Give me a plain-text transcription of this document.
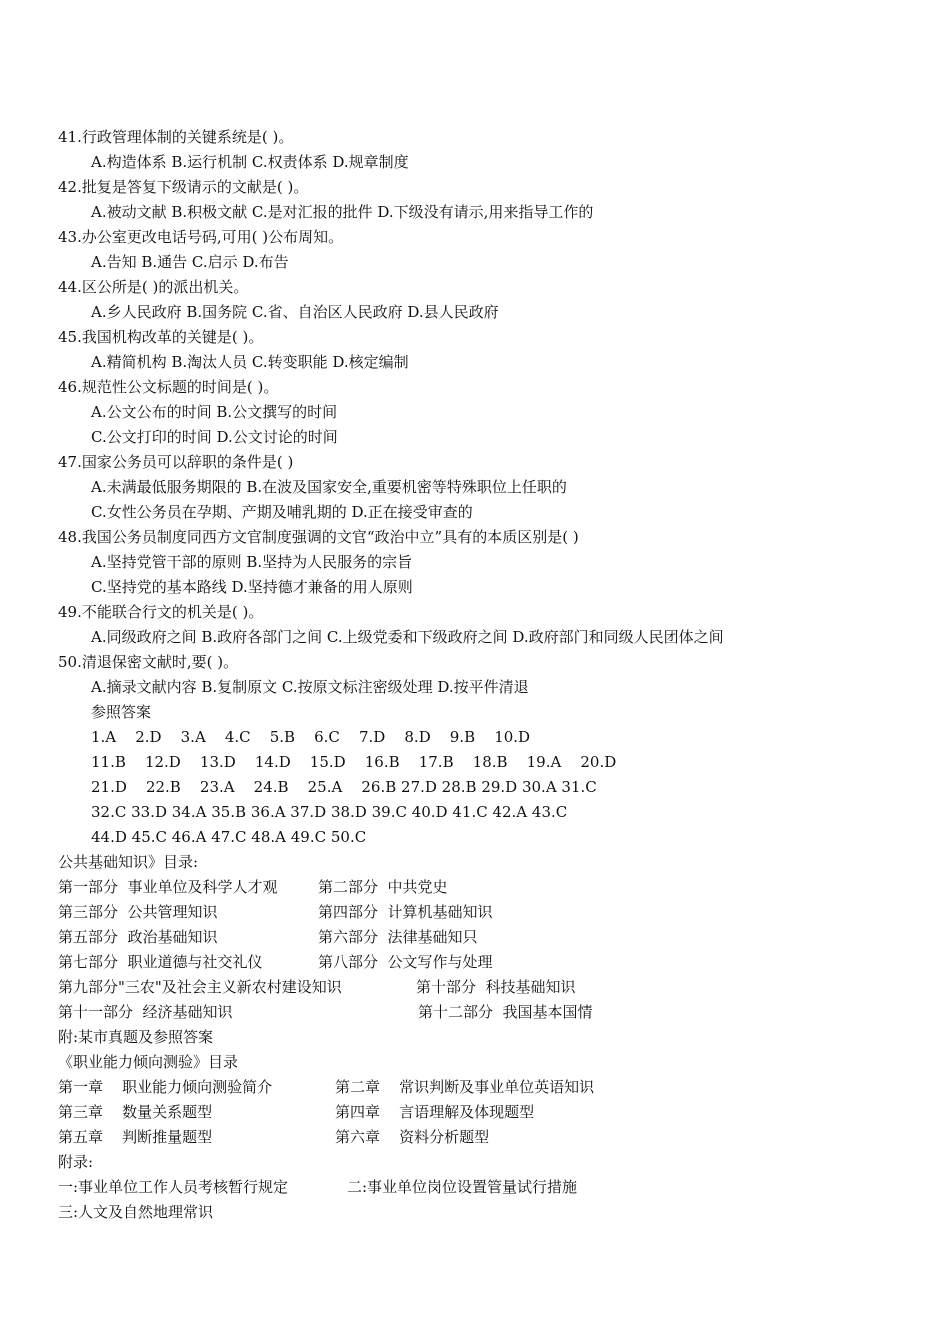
41.行政管理体制的关键系统是( )。
A.构造体系 B.运行机制 C.权责体系 D.规章制度
42.批复是答复下级请示的文献是( )。
A.被动文献 B.积极文献 C.是对汇报的批件 D.下级没有请示,用来指导工作的
43.办公室更改电话号码,可用( )公布周知。
A.告知 B.通告 C.启示 D.布告
44.区公所是( )的派出机关。
A.乡人民政府 B.国务院 C.省、自治区人民政府 D.县人民政府
45.我国机构改革的关键是( )。
A.精简机构 B.淘汰人员 C.转变职能 D.核定编制
46.规范性公文标题的时间是( )。
A.公文公布的时间 B.公文撰写的时间
C.公文打印的时间 D.公文讨论的时间
47.国家公务员可以辞职的条件是( )
A.未满最低服务期限的 B.在波及国家安全,重要机密等特殊职位上任职的
C.女性公务员在孕期、产期及哺乳期的 D.正在接受审查的
48.我国公务员制度同西方文官制度强调的文官“政治中立”具有的本质区别是( )
A.坚持党管干部的原则 B.坚持为人民服务的宗旨
C.坚持党的基本路线 D.坚持德才兼备的用人原则
49.不能联合行文的机关是( )。
A.同级政府之间 B.政府各部门之间 C.上级党委和下级政府之间 D.政府部门和同级人民团体之间
50.清退保密文献时,要( )。
A.摘录文献内容 B.复制原文 C.按原文标注密级处理 D.按平件清退
参照答案
1.A    2.D    3.A    4.C    5.B    6.C    7.D    8.D    9.B    10.D
11.B    12.D    13.D    14.D    15.D    16.B    17.B    18.B    19.A    20.D
21.D    22.B    23.A    24.B    25.A    26.B 27.D 28.B 29.D 30.A 31.C
32.C 33.D 34.A 35.B 36.A 37.D 38.D 39.C 40.D 41.C 42.A 43.C
44.D 45.C 46.A 47.C 48.A 49.C 50.C
公共基础知识》目录:
第一部分  事业单位及科学人才观	第二部分  中共党史
第三部分  公共管理知识	第四部分  计算机基础知识
第五部分  政治基础知识	第六部分  法律基础知只
第七部分  职业道德与社交礼仪	第八部分  公文写作与处理
第九部分"三农"及社会主义新农村建设知识	第十部分  科技基础知识
第十一部分  经济基础知识	第十二部分  我国基本国情
附:某市真题及参照答案
《职业能力倾向测验》目录
第一章    职业能力倾向测验简介	第二章    常识判断及事业单位英语知识
第三章    数量关系题型	第四章    言语理解及体现题型
第五章    判断推量题型	第六章    资料分析题型
附录:
一:事业单位工作人员考核暂行规定	二:事业单位岗位设置管量试行措施
三:人文及自然地理常识
